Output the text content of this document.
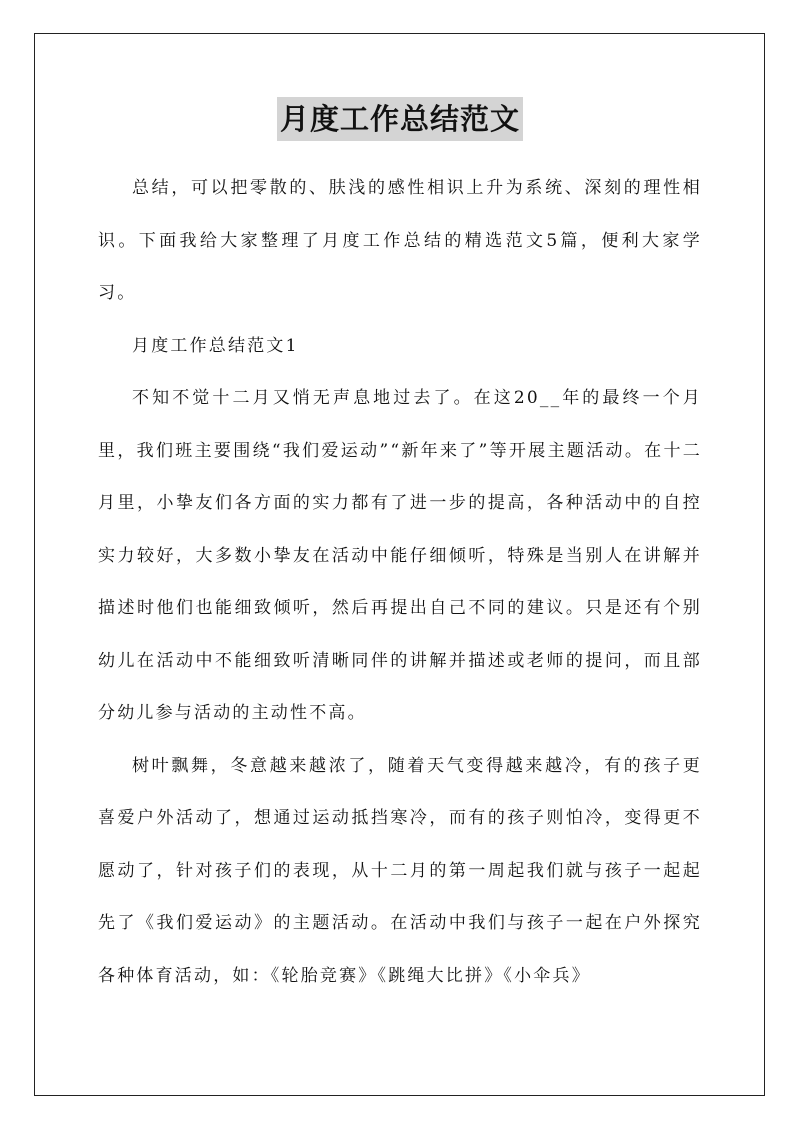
月度工作总结范文

总结，可以把零散的、肤浅的感性相识上升为系统、深刻的理性相识。下面我给大家整理了月度工作总结的精选范文5篇，便利大家学习。

月度工作总结范文1

不知不觉十二月又悄无声息地过去了。在这20__年的最终一个月里，我们班主要围绕“我们爱运动”“新年来了”等开展主题活动。在十二月里，小挚友们各方面的实力都有了进一步的提高，各种活动中的自控实力较好，大多数小挚友在活动中能仔细倾听，特殊是当别人在讲解并描述时他们也能细致倾听，然后再提出自己不同的建议。只是还有个别幼儿在活动中不能细致听清晰同伴的讲解并描述或老师的提问，而且部分幼儿参与活动的主动性不高。

树叶飘舞，冬意越来越浓了，随着天气变得越来越冷，有的孩子更喜爱户外活动了，想通过运动抵挡寒冷，而有的孩子则怕冷，变得更不愿动了，针对孩子们的表现，从十二月的第一周起我们就与孩子一起起先了《我们爱运动》的主题活动。在活动中我们与孩子一起在户外探究各种体育活动，如：《轮胎竞赛》《跳绳大比拼》《小伞兵》
